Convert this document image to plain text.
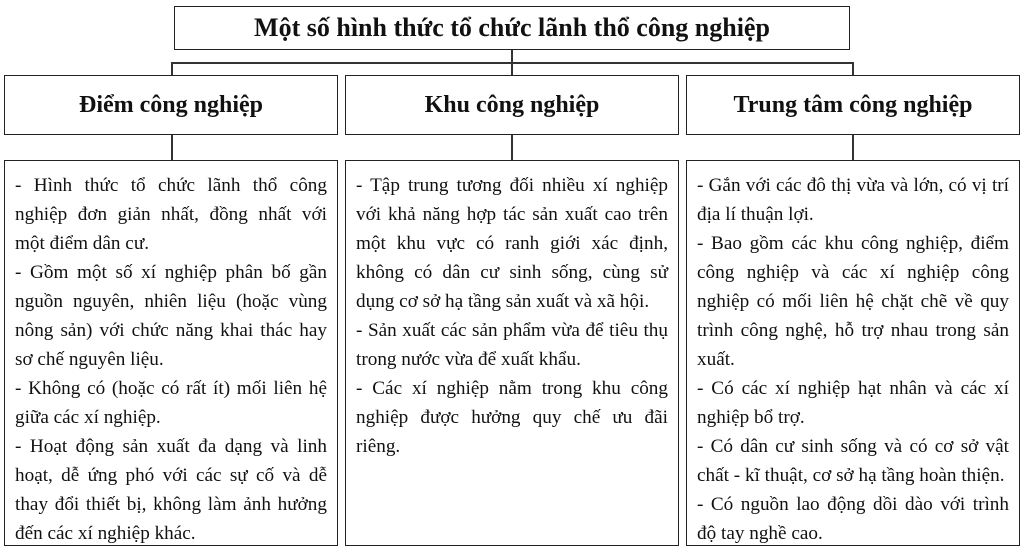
Một số hình thức tổ chức lãnh thổ công nghiệp
Điểm công nghiệp	Khu công nghiệp	Trung tâm công nghiệp

- Hình thức tổ chức lãnh thổ công nghiệp đơn giản nhất, đồng nhất với một điểm dân cư.

- Gồm một số xí nghiệp phân bố gần nguồn nguyên, nhiên liệu (hoặc vùng nông sản) với chức năng khai thác hay sơ chế nguyên liệu.

- Không có (hoặc có rất ít) mối liên hệ giữa các xí nghiệp.

- Hoạt động sản xuất đa dạng và linh hoạt, dễ ứng phó với các sự cố và dễ thay đổi thiết bị, không làm ảnh hưởng đến các xí nghiệp khác.

- Tập trung tương đối nhiều xí nghiệp với khả năng hợp tác sản xuất cao trên một khu vực có ranh giới xác định, không có dân cư sinh sống, cùng sử dụng cơ sở hạ tầng sản xuất và xã hội.

- Sản xuất các sản phẩm vừa để tiêu thụ trong nước vừa để xuất khẩu.

- Các xí nghiệp nằm trong khu công nghiệp được hưởng quy chế ưu đãi riêng.

- Gắn với các đô thị vừa và lớn, có vị trí địa lí thuận lợi.

- Bao gồm các khu công nghiệp, điểm công nghiệp và các xí nghiệp công nghiệp có mối liên hệ chặt chẽ về quy trình công nghệ, hỗ trợ nhau trong sản xuất.

- Có các xí nghiệp hạt nhân và các xí nghiệp bổ trợ.

- Có dân cư sinh sống và có cơ sở vật chất - kĩ thuật, cơ sở hạ tầng hoàn thiện.

- Có nguồn lao động dồi dào với trình độ tay nghề cao.
